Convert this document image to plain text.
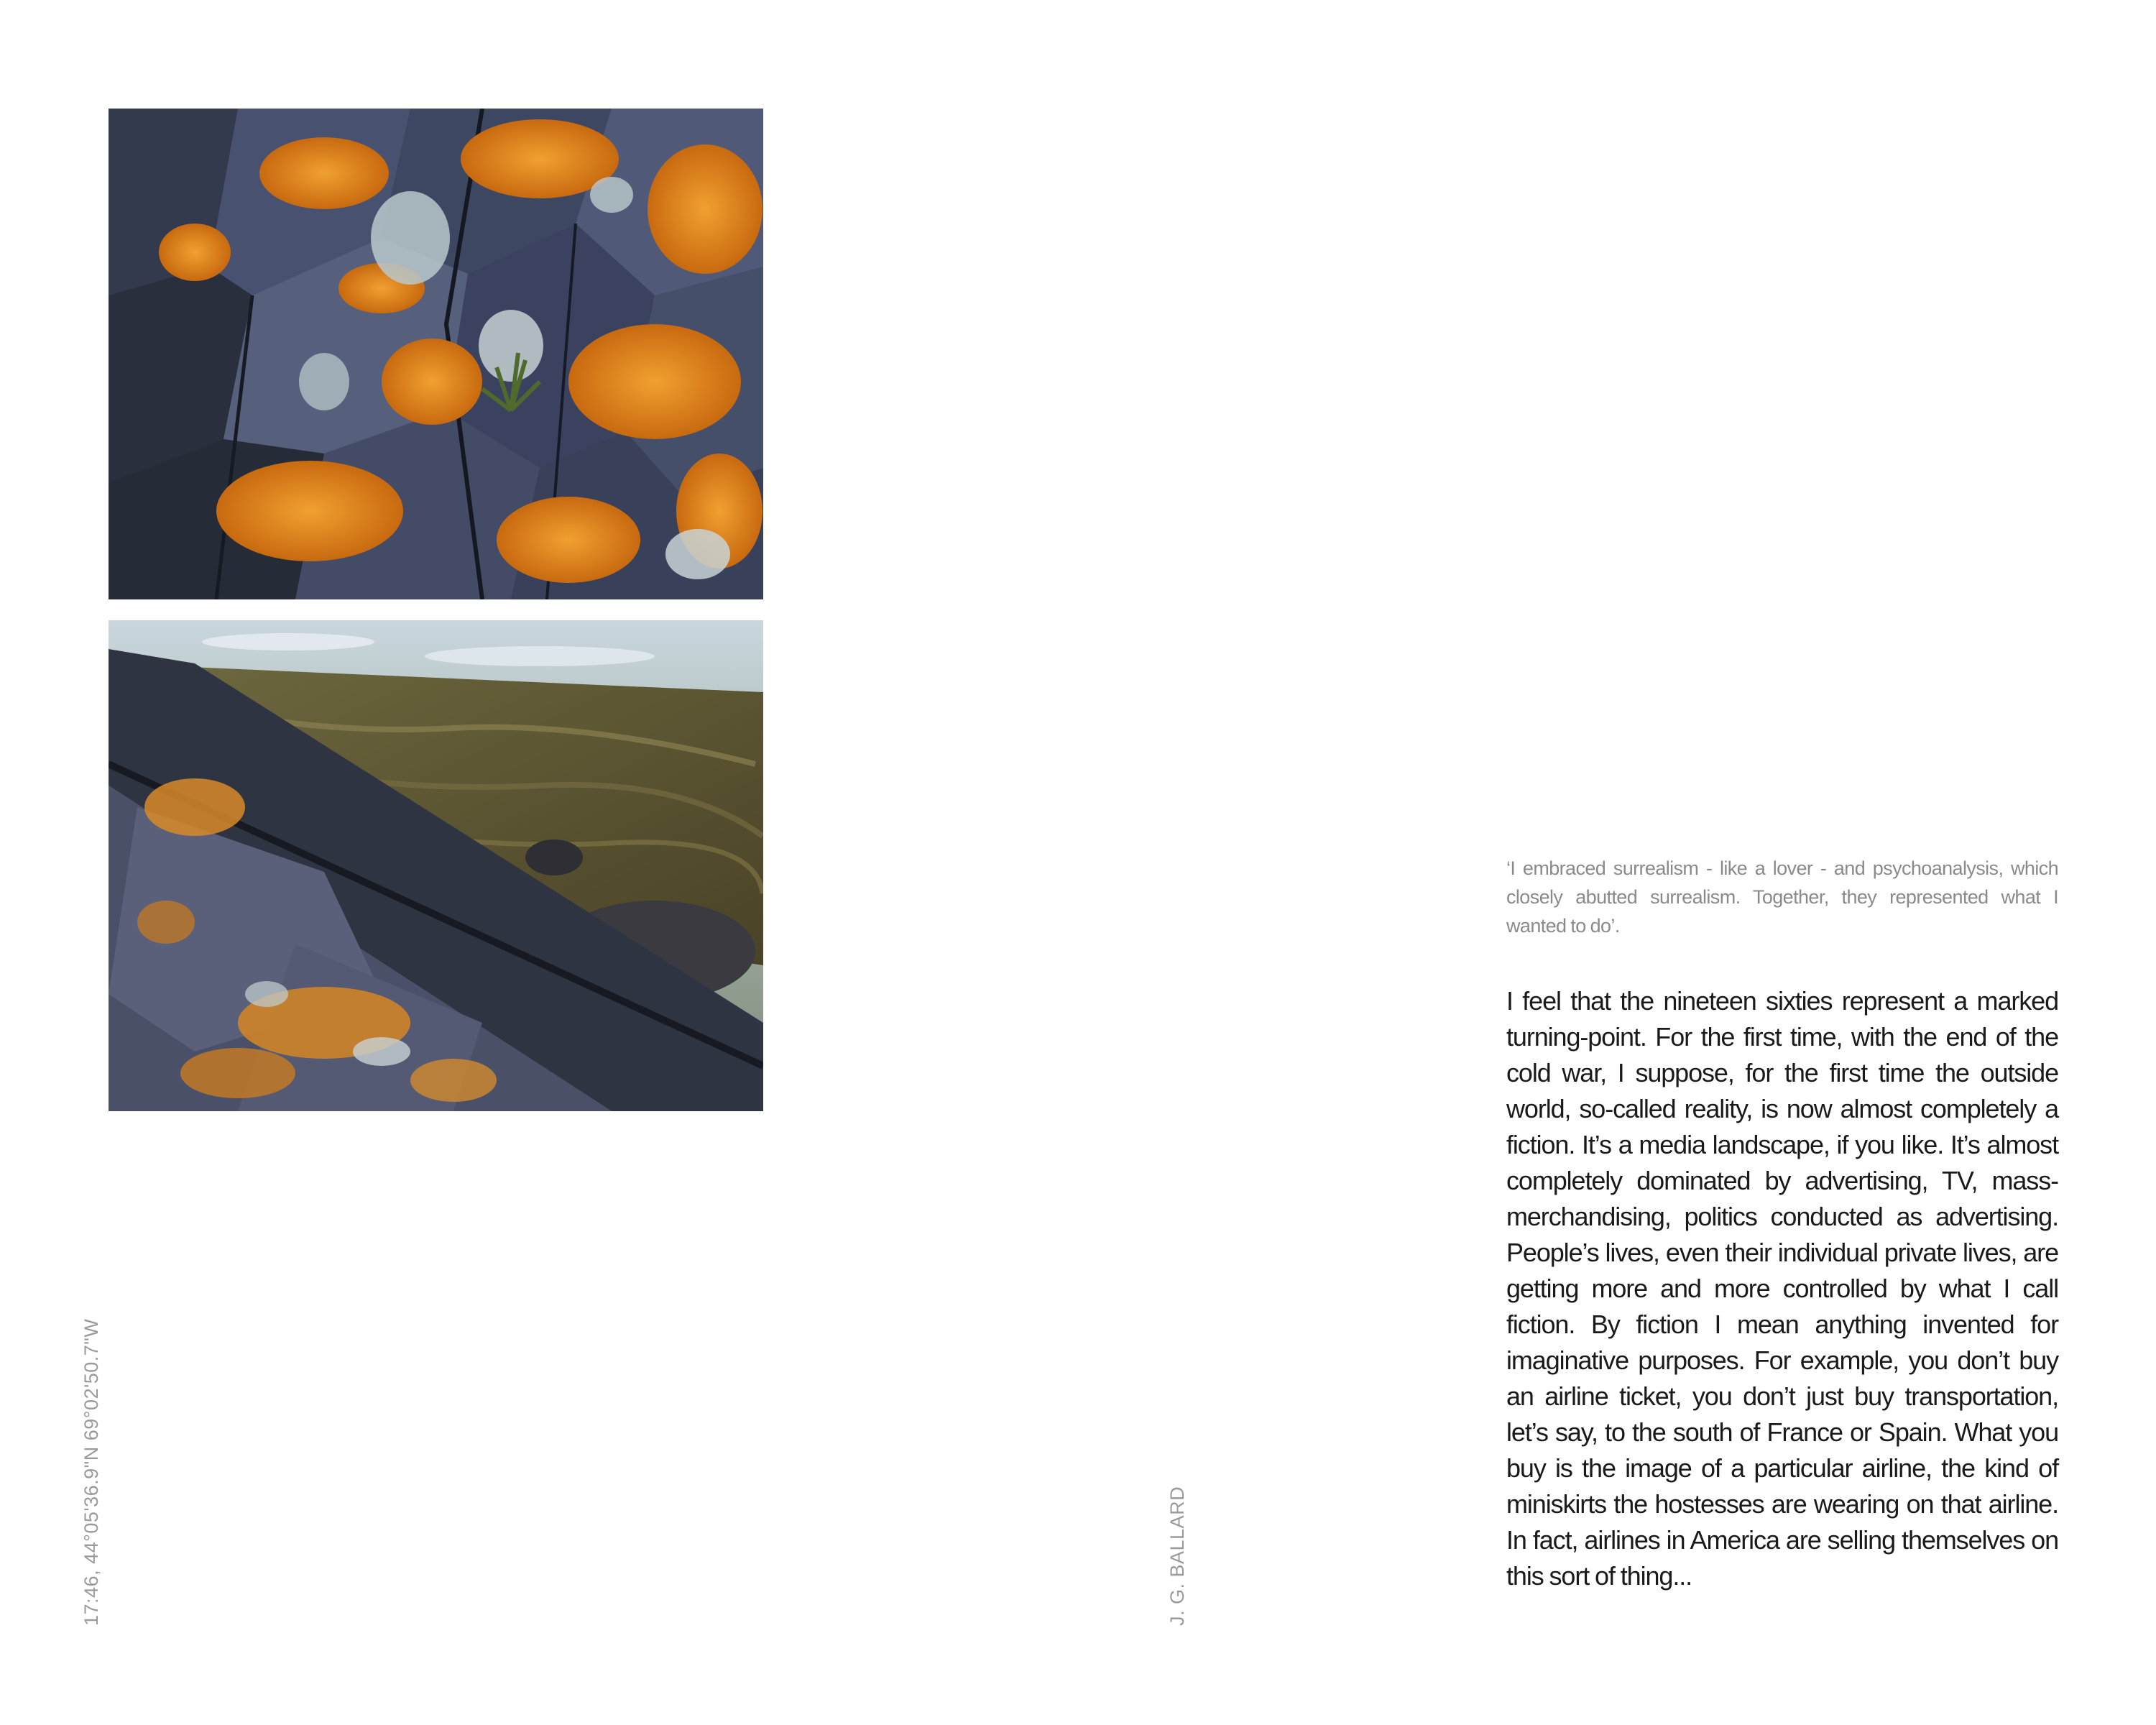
17:46, 44°05'36.9"N 69°02'50.7"W	J. G. BALLARD
‘I embraced surrealism - like a lover - and psychoanalysis, which closely abutted surrealism. Together, they represented what I wanted to do’.
I feel that the nineteen sixties represent a marked turning-point. For the first time, with the end of the cold war, I suppose, for the first time the outside world, so-called reality, is now almost completely a fiction. It’s a media landscape, if you like. It’s almost completely dominated by advertising, TV, mass-merchandising, politics conducted as advertising. People’s lives, even their individual private lives, are getting more and more controlled by what I call fiction. By fiction I mean anything invented for imaginative purposes. For example, you don’t buy an airline ticket, you don’t just buy transportation, let’s say, to the south of France or Spain. What you buy is the image of a particular airline, the kind of miniskirts the hostesses are wearing on that airline. In fact, airlines in America are selling themselves on this sort of thing...
